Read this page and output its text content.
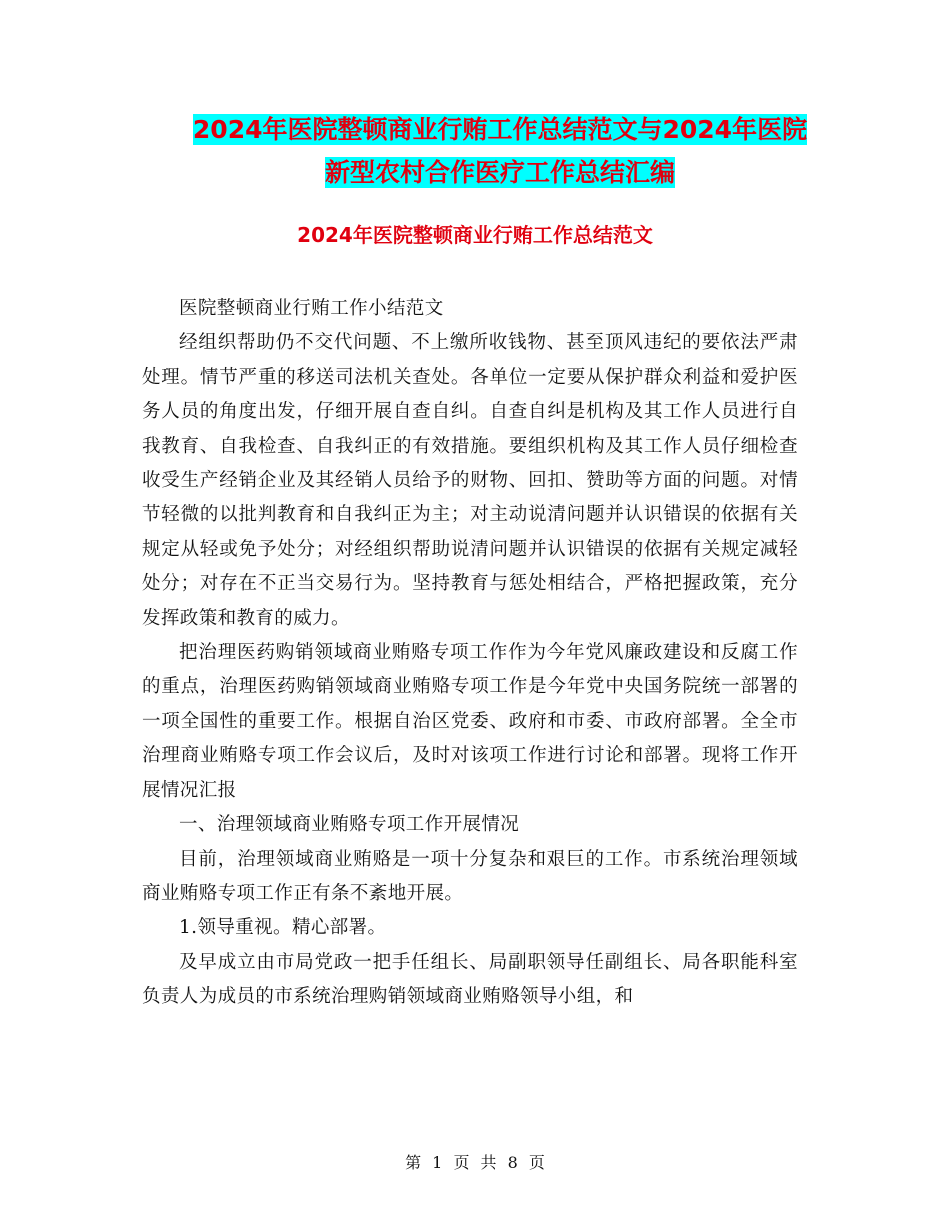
2024年医院整顿商业行贿工作总结范文与2024年医院
新型农村合作医疗工作总结汇编
2024年医院整顿商业行贿工作总结范文

医院整顿商业行贿工作小结范文

经组织帮助仍不交代问题、不上缴所收钱物、甚至顶风违纪的要依法严肃处理。情节严重的移送司法机关查处。各单位一定要从保护群众利益和爱护医务人员的角度出发，仔细开展自查自纠。自查自纠是机构及其工作人员进行自我教育、自我检查、自我纠正的有效措施。要组织机构及其工作人员仔细检查收受生产经销企业及其经销人员给予的财物、回扣、赞助等方面的问题。对情节轻微的以批判教育和自我纠正为主；对主动说清问题并认识错误的依据有关规定从轻或免予处分；对经组织帮助说清问题并认识错误的依据有关规定减轻处分；对存在不正当交易行为。坚持教育与惩处相结合，严格把握政策，充分发挥政策和教育的威力。

把治理医药购销领域商业贿赂专项工作作为今年党风廉政建设和反腐工作的重点，治理医药购销领域商业贿赂专项工作是今年党中央国务院统一部署的一项全国性的重要工作。根据自治区党委、政府和市委、市政府部署。全全市治理商业贿赂专项工作会议后，及时对该项工作进行讨论和部署。现将工作开展情况汇报

一、治理领域商业贿赂专项工作开展情况

目前，治理领域商业贿赂是一项十分复杂和艰巨的工作。市系统治理领域商业贿赂专项工作正有条不紊地开展。

1.领导重视。精心部署。

及早成立由市局党政一把手任组长、局副职领导任副组长、局各职能科室负责人为成员的市系统治理购销领域商业贿赂领导小组，和

第 1 页 共 8 页
